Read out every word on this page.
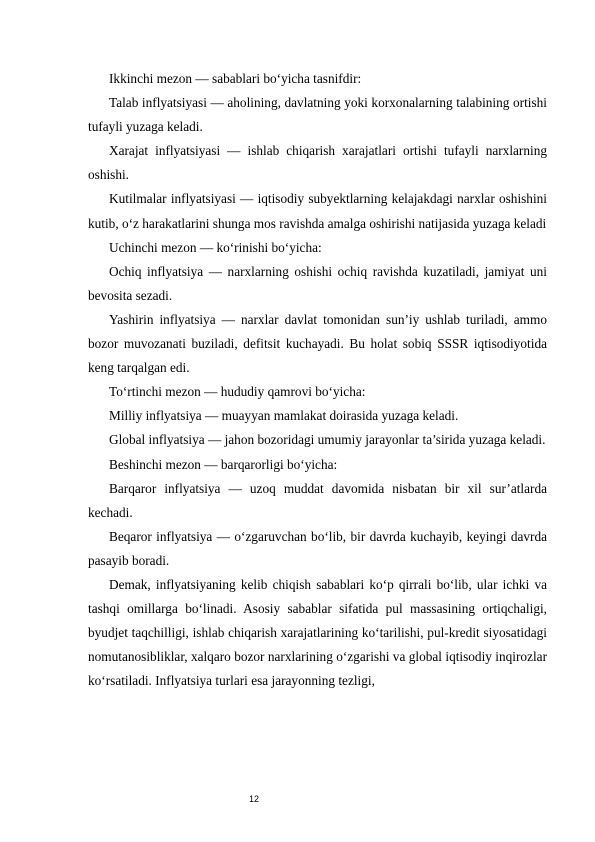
Ikkinchi mezon — sabablari bo‘yicha tasnifdir:

Talab inflyatsiyasi — aholining, davlatning yoki korxonalarning talabining ortishi tufayli yuzaga keladi.

Xarajat inflyatsiyasi — ishlab chiqarish xarajatlari ortishi tufayli narxlarning oshishi.

Kutilmalar inflyatsiyasi — iqtisodiy subyektlarning kelajakdagi narxlar oshishini kutib, o‘z harakatlarini shunga mos ravishda amalga oshirishi natijasida yuzaga keladi

Uchinchi mezon — ko‘rinishi bo‘yicha:

Ochiq inflyatsiya — narxlarning oshishi ochiq ravishda kuzatiladi, jamiyat uni bevosita sezadi.

Yashirin inflyatsiya — narxlar davlat tomonidan sun’iy ushlab turiladi, ammo bozor muvozanati buziladi, defitsit kuchayadi. Bu holat sobiq SSSR iqtisodiyotida keng tarqalgan edi.

To‘rtinchi mezon — hududiy qamrovi bo‘yicha:

Milliy inflyatsiya — muayyan mamlakat doirasida yuzaga keladi.

Global inflyatsiya — jahon bozoridagi umumiy jarayonlar ta’sirida yuzaga keladi.

Beshinchi mezon — barqarorligi bo‘yicha:

Barqaror inflyatsiya — uzoq muddat davomida nisbatan bir xil sur’atlarda kechadi.

Beqaror inflyatsiya — o‘zgaruvchan bo‘lib, bir davrda kuchayib, keyingi davrda pasayib boradi.

Demak, inflyatsiyaning kelib chiqish sabablari ko‘p qirrali bo‘lib, ular ichki va tashqi omillarga bo‘linadi. Asosiy sabablar sifatida pul massasining ortiqchaligi, byudjet taqchilligi, ishlab chiqarish xarajatlarining ko‘tarilishi, pul-kredit siyosatidagi nomutanosibliklar, xalqaro bozor narxlarining o‘zgarishi va global iqtisodiy inqirozlar ko‘rsatiladi. Inflyatsiya turlari esa jarayonning tezligi,

12
